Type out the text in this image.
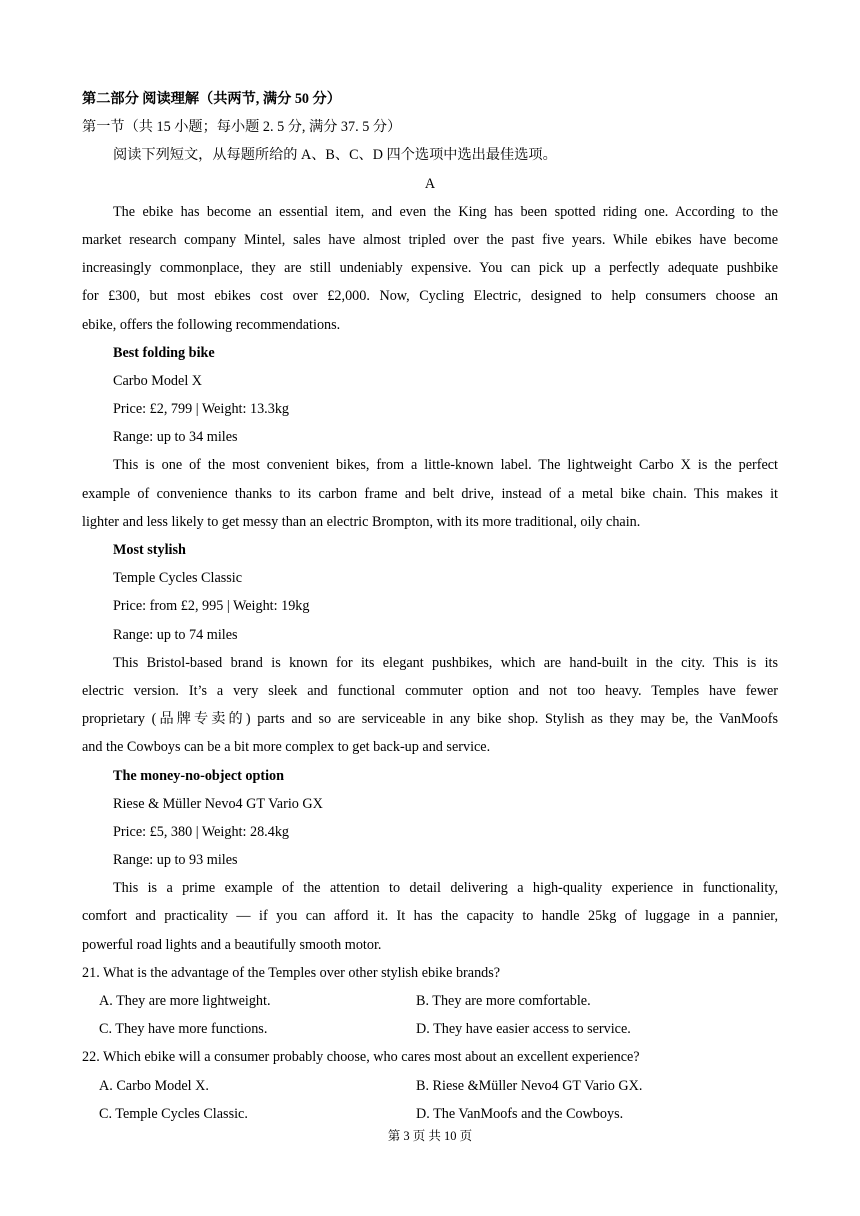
第二部分 阅读理解（共两节, 满分 50 分）
第一节（共 15 小题；每小题 2. 5 分, 满分 37. 5 分）
阅读下列短文，从每题所给的 A、B、C、D 四个选项中选出最佳选项。
A
The ebike has become an essential item, and even the King has been spotted riding one. According to the
market research company Mintel, sales have almost tripled over the past five years. While ebikes have become
increasingly commonplace, they are still undeniably expensive. You can pick up a perfectly adequate pushbike
for £300, but most ebikes cost over £2,000. Now, Cycling Electric, designed to help consumers choose an
ebike, offers the following recommendations.
Best folding bike
Carbo Model X
Price: £2, 799 | Weight: 13.3kg
Range: up to 34 miles
This is one of the most convenient bikes, from a little-known label. The lightweight Carbo X is the perfect
example of convenience thanks to its carbon frame and belt drive, instead of a metal bike chain. This makes it
lighter and less likely to get messy than an electric Brompton, with its more traditional, oily chain.
Most stylish
Temple Cycles Classic
Price: from £2, 995 | Weight: 19kg
Range: up to 74 miles
This Bristol-based brand is known for its elegant pushbikes, which are hand-built in the city. This is its
electric version. It’s a very sleek and functional commuter option and not too heavy. Temples have fewer
proprietary (品牌专卖的) parts and so are serviceable in any bike shop. Stylish as they may be, the VanMoofs
and the Cowboys can be a bit more complex to get back-up and service.
The money-no-object option
Riese & Müller Nevo4 GT Vario GX
Price: £5, 380 | Weight: 28.4kg
Range: up to 93 miles
This is a prime example of the attention to detail delivering a high-quality experience in functionality,
comfort and practicality — if you can afford it. It has the capacity to handle 25kg of luggage in a pannier,
powerful road lights and a beautifully smooth motor.
21. What is the advantage of the Temples over other stylish ebike brands?
A. They are more lightweight.	B. They are more comfortable.
C. They have more functions.	D. They have easier access to service.
22. Which ebike will a consumer probably choose, who cares most about an excellent experience?
A. Carbo Model X.	B. Riese &Müller Nevo4 GT Vario GX.
C. Temple Cycles Classic.	D. The VanMoofs and the Cowboys.
第 3 页 共 10 页
